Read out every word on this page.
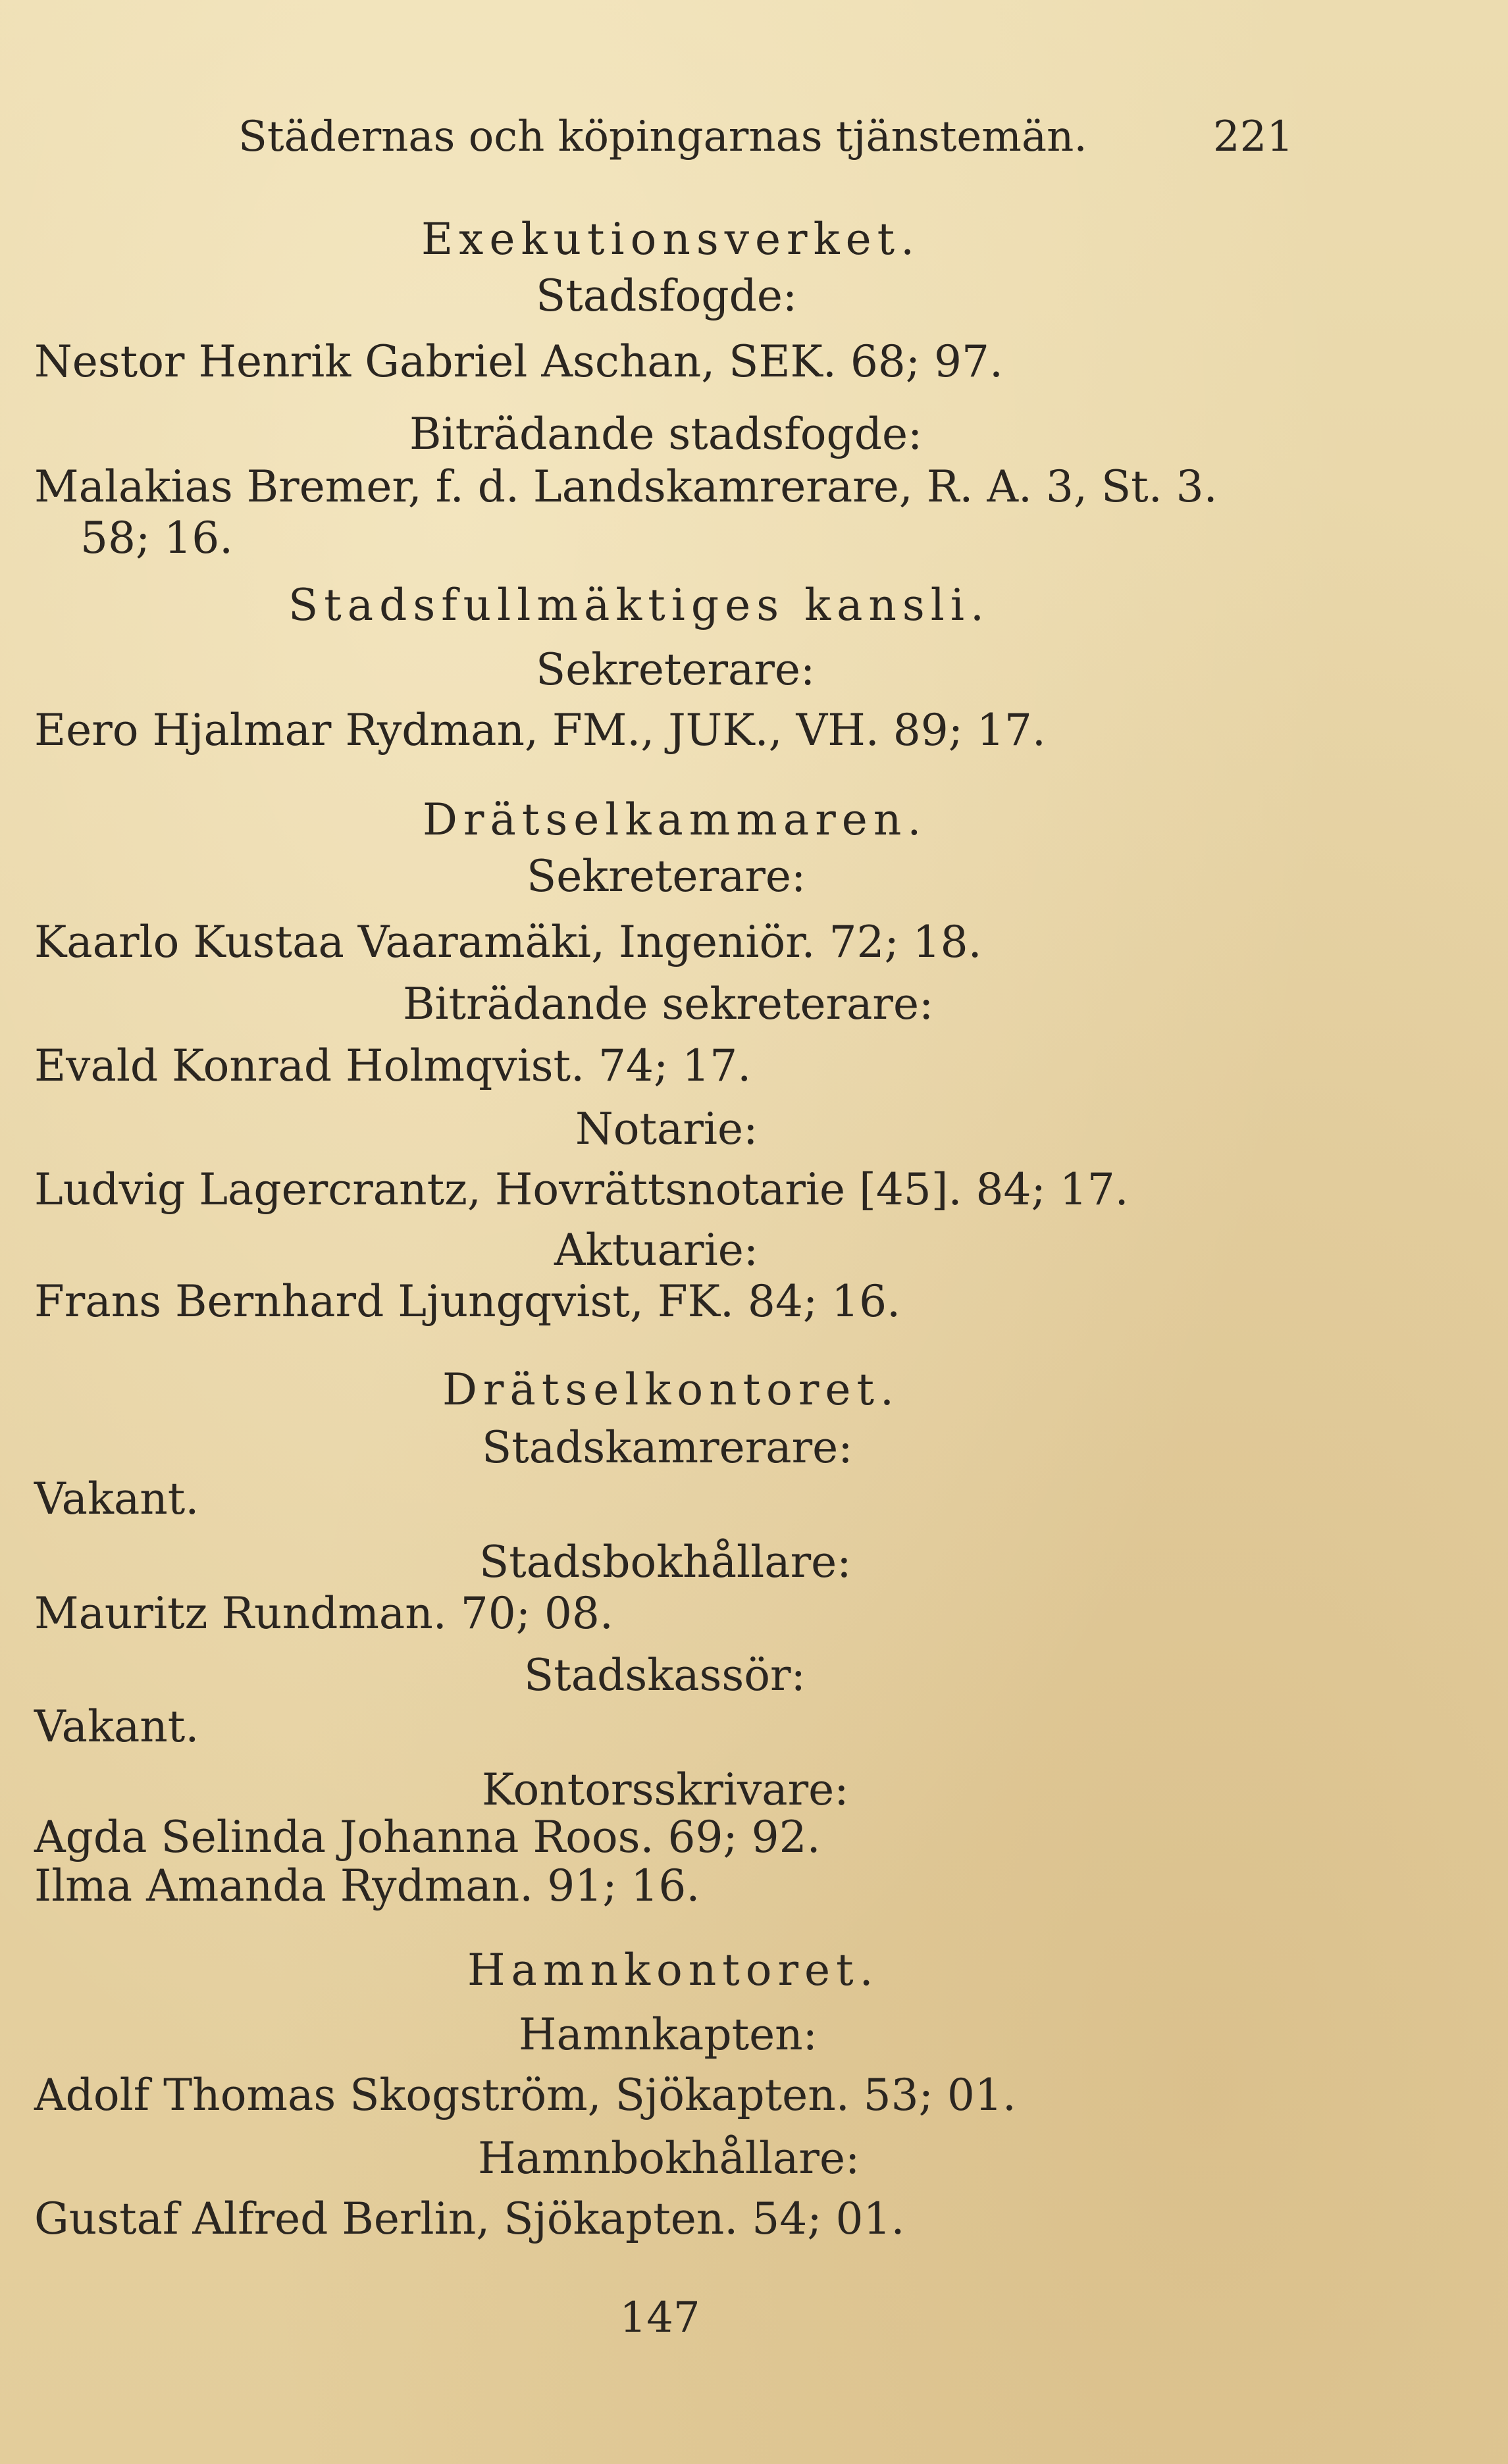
Städernas och köpingarnas tjänstemän.	221
Exekutionsverket.
Stadsfogde:
Nestor Henrik Gabriel Aschan, SEK. 68; 97.
Biträdande stadsfogde:
Malakias Bremer, f. d. Landskamrerare, R. A. 3, St. 3.
58; 16.
Stadsfullmäktiges kansli.
Sekreterare:
Eero Hjalmar Rydman, FM., JUK., VH. 89; 17.
Drätselkammaren.
Sekreterare:
Kaarlo Kustaa Vaaramäki, Ingeniör. 72; 18.
Biträdande sekreterare:
Evald Konrad Holmqvist. 74; 17.
Notarie:
Ludvig Lagercrantz, Hovrättsnotarie [45]. 84; 17.
Aktuarie:
Frans Bernhard Ljungqvist, FK. 84; 16.
Drätselkontoret.
Stadskamrerare:
Vakant.
Stadsbokhållare:
Mauritz Rundman. 70; 08.
Stadskassör:
Vakant.
Kontorsskrivare:
Agda Selinda Johanna Roos. 69; 92.
Ilma Amanda Rydman. 91; 16.
Hamnkontoret.
Hamnkapten:
Adolf Thomas Skogström, Sjökapten. 53; 01.
Hamnbokhållare:
Gustaf Alfred Berlin, Sjökapten. 54; 01.
147
